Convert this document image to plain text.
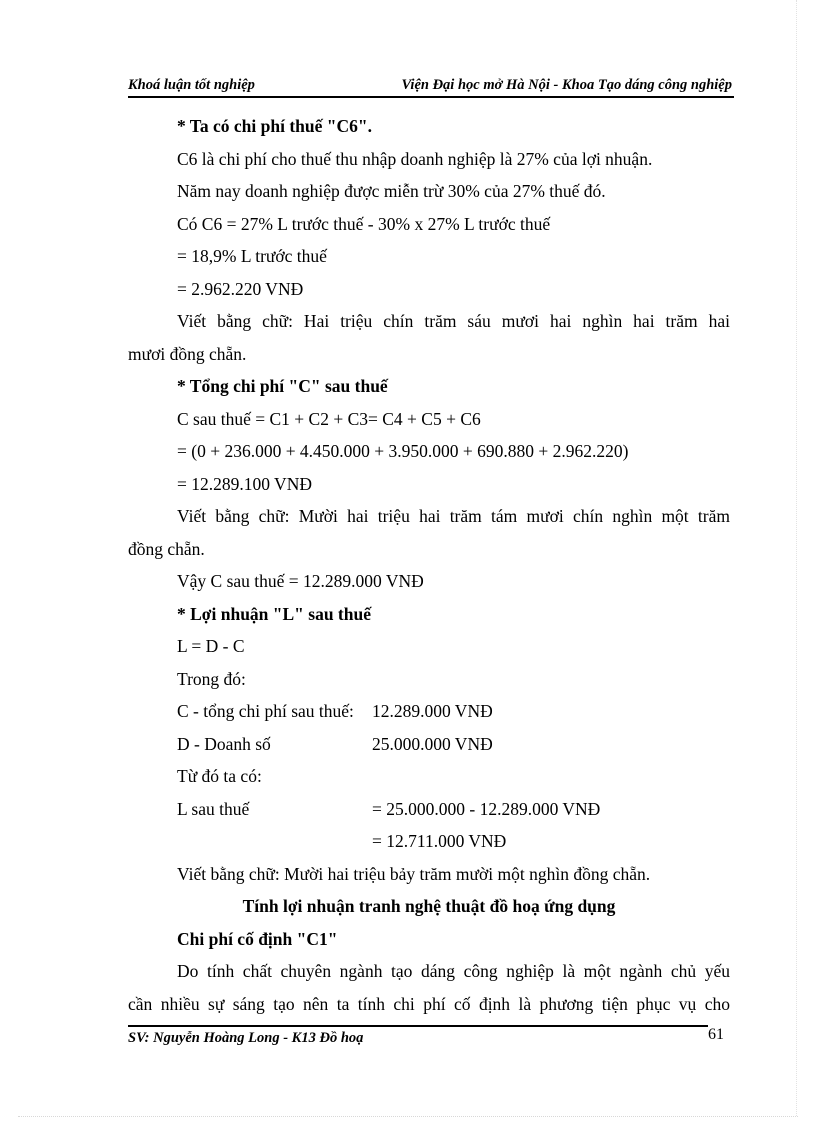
Khoá luận tốt nghiệp	Viện Đại học mở Hà Nội - Khoa Tạo dáng công nghiệp
* Ta có chi phí thuế "C6".
C6 là chi phí cho thuế thu nhập doanh nghiệp là 27% của lợi nhuận.
Năm nay doanh nghiệp được miễn trừ 30% của 27% thuế đó.
Có C6 = 27% L trước thuế - 30% x 27% L trước thuế
= 18,9% L trước thuế
= 2.962.220 VNĐ
Viết bằng chữ: Hai triệu chín trăm sáu mươi hai nghìn hai trăm hai
mươi đồng chẵn.
* Tổng chi phí "C" sau thuế
C sau thuế = C1 + C2 + C3= C4 + C5 + C6
= (0 + 236.000 + 4.450.000 + 3.950.000 + 690.880 + 2.962.220)
= 12.289.100 VNĐ
Viết bằng chữ: Mười hai triệu hai trăm tám mươi chín nghìn một trăm
đồng chẵn.
Vậy C sau thuế = 12.289.000 VNĐ
* Lợi nhuận "L" sau thuế
L = D - C
Trong đó:
C - tổng chi phí sau thuế:	12.289.000 VNĐ
D - Doanh số	25.000.000 VNĐ
Từ đó ta có:
L sau thuế	= 25.000.000 - 12.289.000 VNĐ
= 12.711.000 VNĐ
Viết bằng chữ: Mười hai triệu bảy trăm mười một nghìn đồng chẵn.
Tính lợi nhuận tranh nghệ thuật đồ hoạ ứng dụng
Chi phí cố định "C1"
Do tính chất chuyên ngành tạo dáng công nghiệp là một ngành chủ yếu
cần nhiều sự sáng tạo nên ta tính chi phí cố định là phương tiện phục vụ cho
SV: Nguyễn Hoàng Long - K13 Đồ hoạ	61
